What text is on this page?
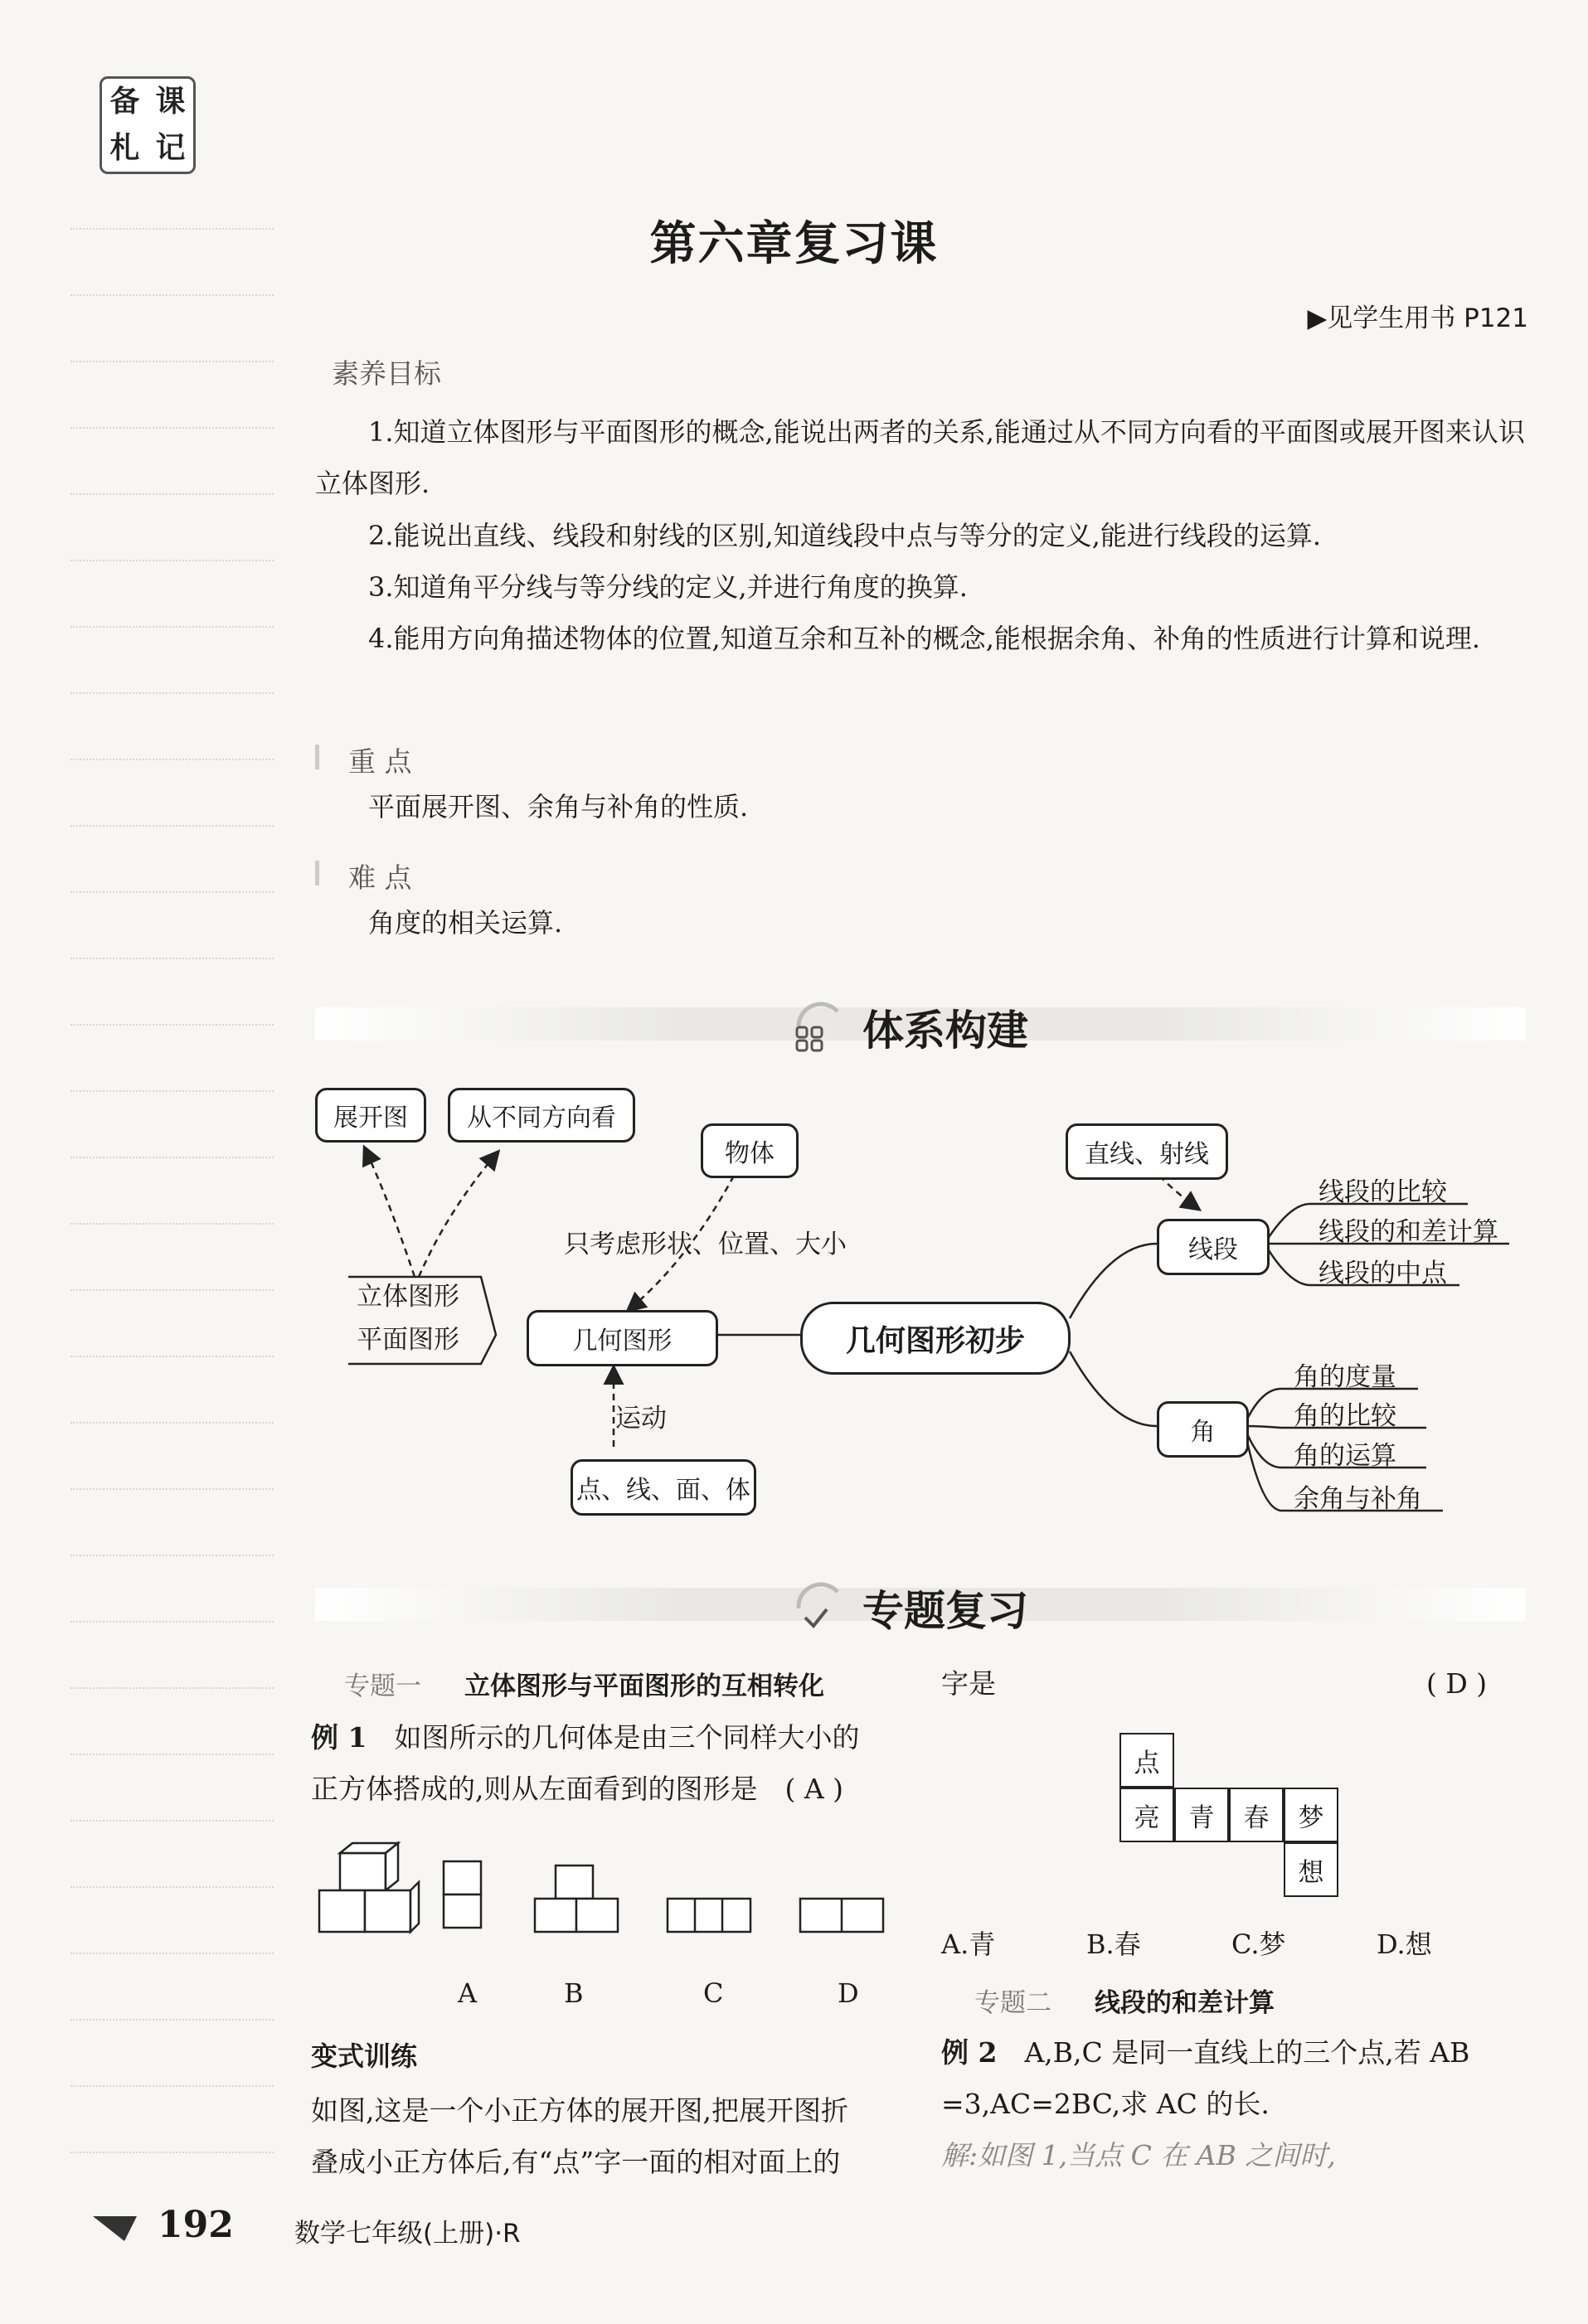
备 课
札 记
第六章复习课
▶见学生用书 P121
素养目标
1.知道立体图形与平面图形的概念,能说出两者的关系,能通过从不同方向看的平面图或展开图来认识立体图形.
2.能说出直线、线段和射线的区别,知道线段中点与等分的定义,能进行线段的运算.
3.知道角平分线与等分线的定义,并进行角度的换算.
4.能用方向角描述物体的位置,知道互余和互补的概念,能根据余角、补角的性质进行计算和说理.
重 点
平面展开图、余角与补角的性质.
难 点
角度的相关运算.
体系构建
展开图	从不同方向看
物体
只考虑形状、位置、大小
立体图形
平面图形	几何图形	几何图形初步
运动
点、线、面、体
直线、射线
线段
角
线段的比较
线段的和差计算
线段的中点
角的度量
角的比较
角的运算
余角与补角
专题复习
专题一 立体图形与平面图形的互相转化
例 1　 如图所示的几何体是由三个同样大小的
正方体搭成的,则从左面看到的图形是　 ( A )
A	B	C	D
变式训练
如图,这是一个小正方体的展开图,把展开图折
叠成小正方体后,有“点”字一面的相对面上的
字是	( D )
点
亮	青	春	梦
想
A.青	B.春	C.梦	D.想
专题二 线段的和差计算
例 2　 A,B,C 是同一直线上的三个点,若 AB
=3,AC=2BC,求 AC 的长.
解:如图 1,当点 C 在 AB 之间时,
192 数学七年级(上册)·R
